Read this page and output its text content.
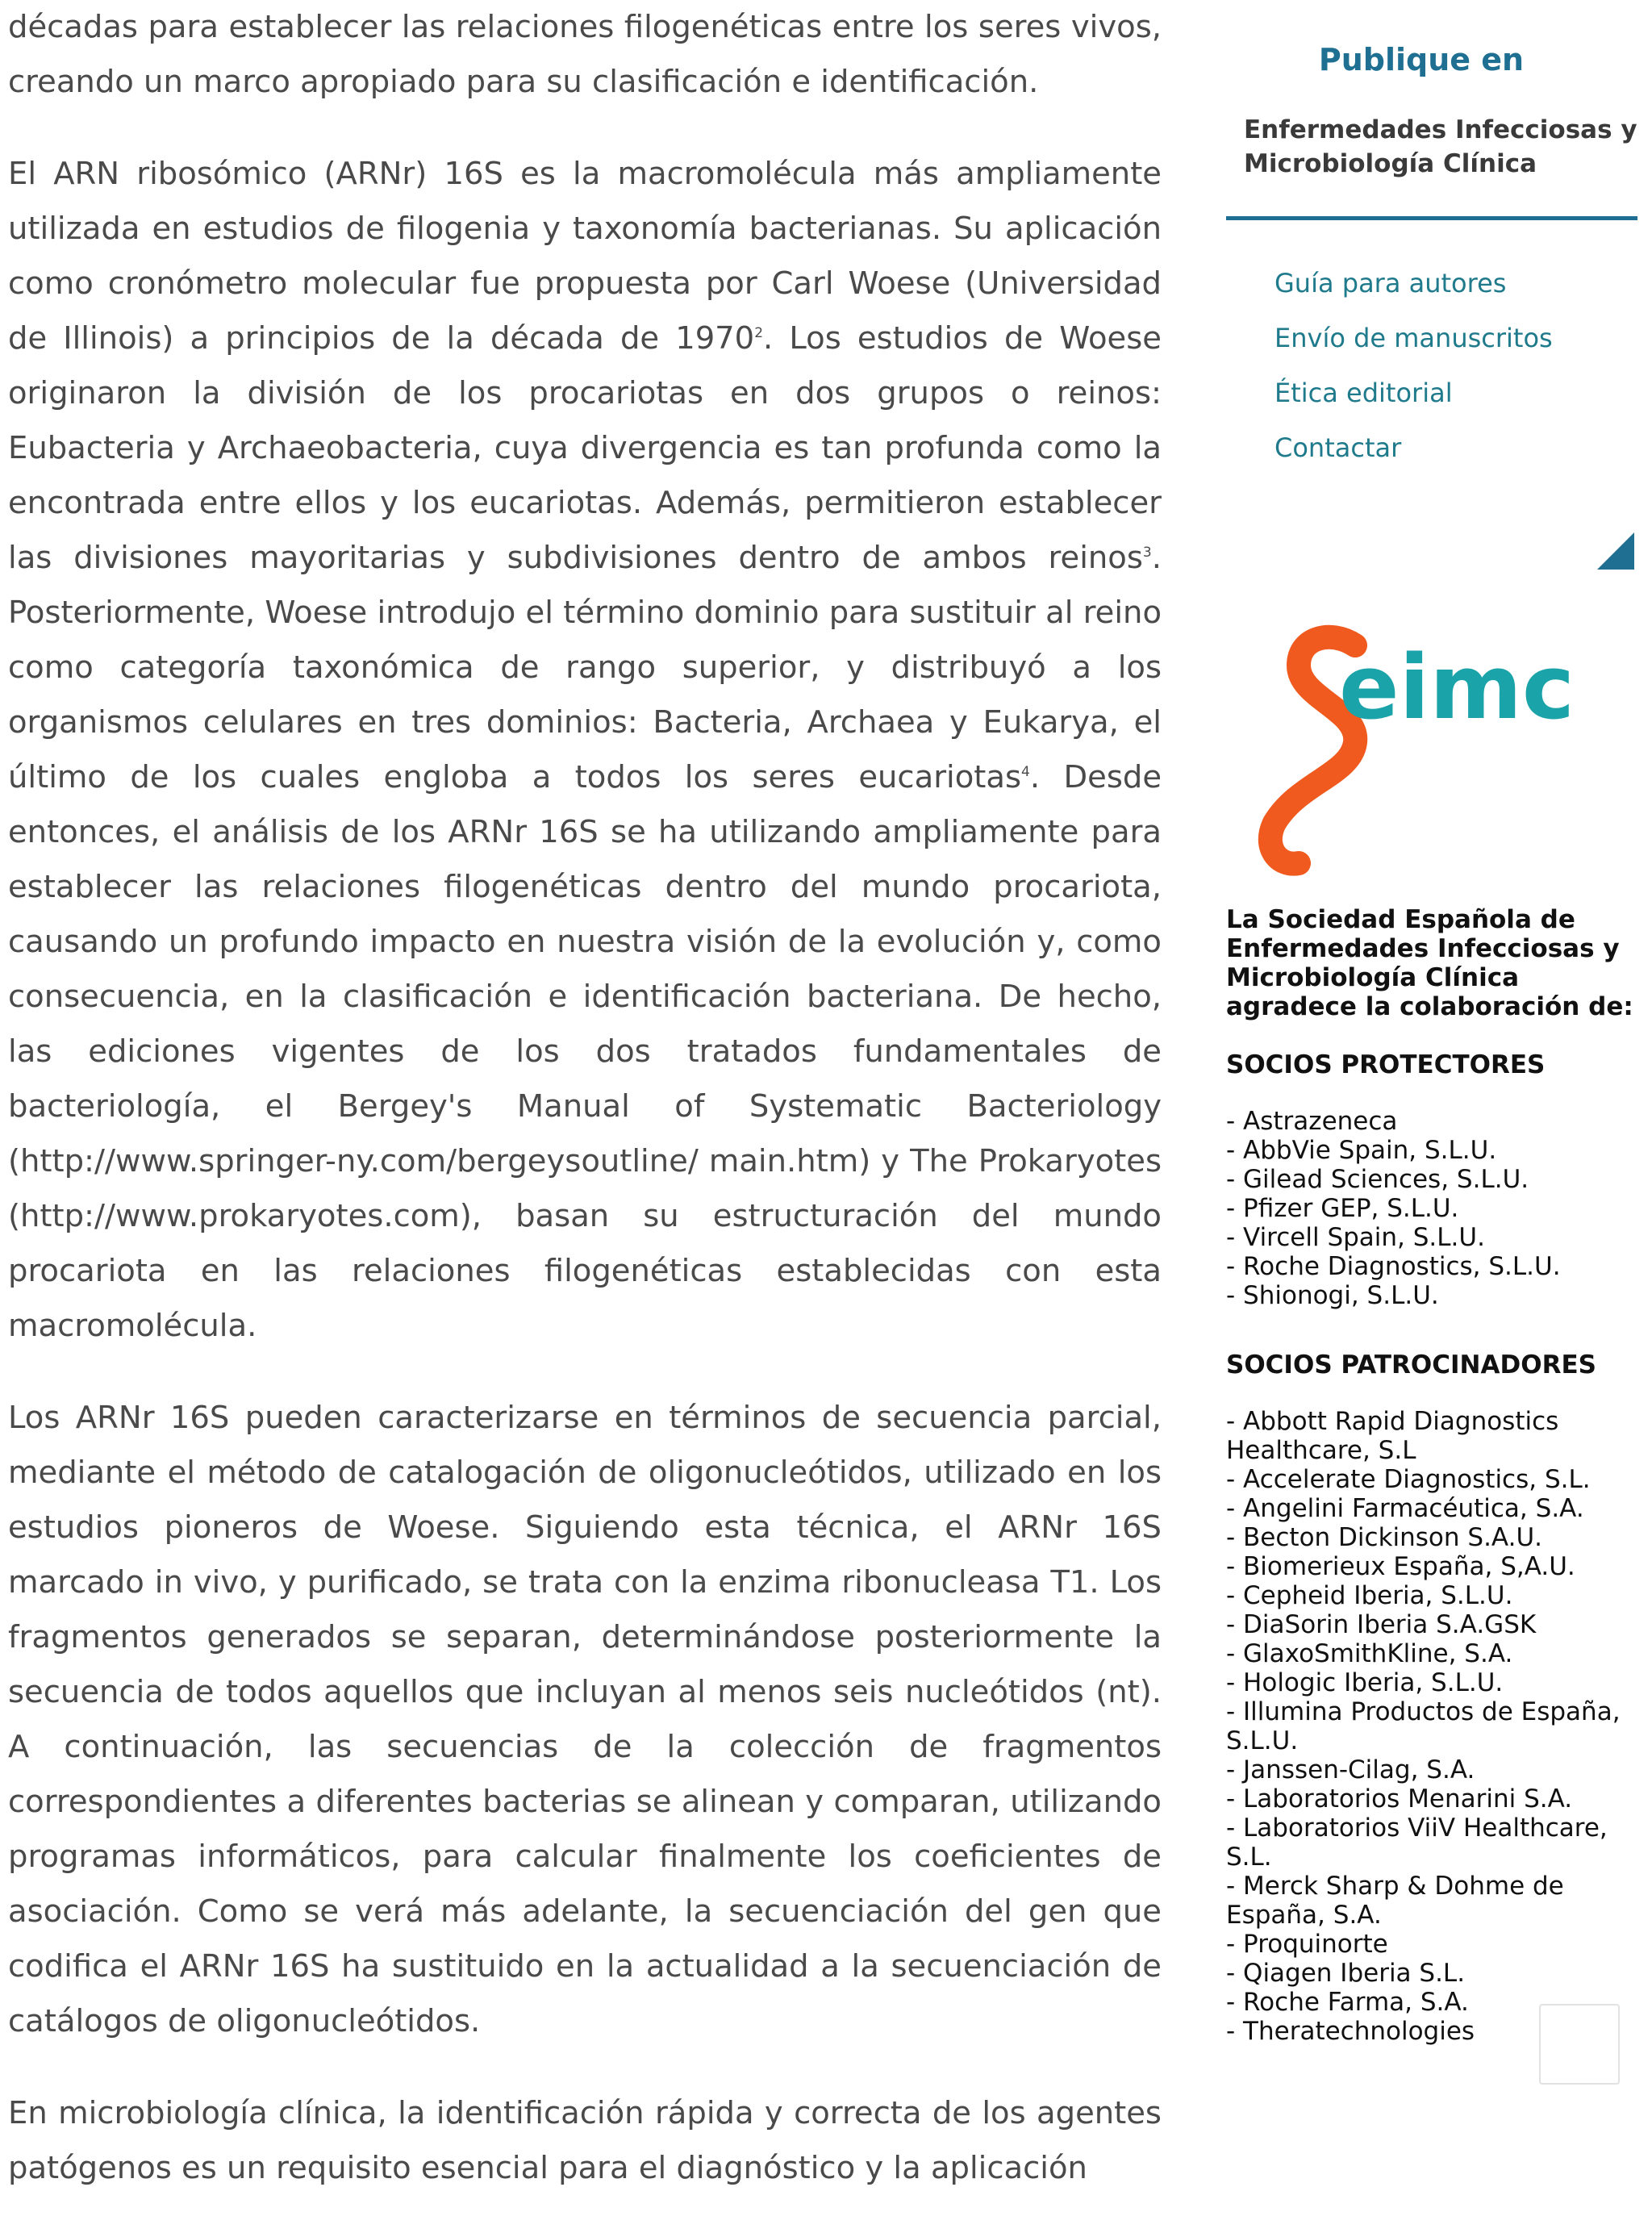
décadas para establecer las relaciones filogenéticas entre los seres vivos, creando un marco apropiado para su clasificación e identificación.

El ARN ribosómico (ARNr) 16S es la macromolécula más ampliamente utilizada en estudios de filogenia y taxonomía bacterianas. Su aplicación como cronómetro molecular fue propuesta por Carl Woese (Universidad de Illinois) a principios de la década de 1970$^2$. Los estudios de Woese originaron la división de los procariotas en dos grupos o reinos: Eubacteria y Archaeobacteria, cuya divergencia es tan profunda como la encontrada entre ellos y los eucariotas. Además, permitieron establecer las divisiones mayoritarias y subdivisiones dentro de ambos reinos$^3$. Posteriormente, Woese introdujo el término dominio para sustituir al reino como categoría taxonómica de rango superior, y distribuyó a los organismos celulares en tres dominios: Bacteria, Archaea y Eukarya, el último de los cuales engloba a todos los seres eucariotas$^4$. Desde entonces, el análisis de los ARNr 16S se ha utilizando ampliamente para establecer las relaciones filogenéticas dentro del mundo procariota, causando un profundo impacto en nuestra visión de la evolución y, como consecuencia, en la clasificación e identificación bacteriana. De hecho, las ediciones vigentes de los dos tratados fundamentales de bacteriología, el Bergey's Manual of Systematic Bacteriology (http://www.springer-ny.com/bergeysoutline/ main.htm) y The Prokaryotes (http://www.prokaryotes.com), basan su estructuración del mundo procariota en las relaciones filogenéticas establecidas con esta macromolécula.

Los ARNr 16S pueden caracterizarse en términos de secuencia parcial, mediante el método de catalogación de oligonucleótidos, utilizado en los estudios pioneros de Woese. Siguiendo esta técnica, el ARNr 16S marcado in vivo, y purificado, se trata con la enzima ribonucleasa T1. Los fragmentos generados se separan, determinándose posteriormente la secuencia de todos aquellos que incluyan al menos seis nucleótidos (nt). A continuación, las secuencias de la colección de fragmentos correspondientes a diferentes bacterias se alinean y comparan, utilizando programas informáticos, para calcular finalmente los coeficientes de asociación. Como se verá más adelante, la secuenciación del gen que codifica el ARNr 16S ha sustituido en la actualidad a la secuenciación de catálogos de oligonucleótidos.

En microbiología clínica, la identificación rápida y correcta de los agentes patógenos es un requisito esencial para el diagnóstico y la aplicación

Publique en
Enfermedades Infecciosas y
Microbiología Clínica
Guía para autores
Envío de manuscritos
Ética editorial
Contactar
eimc
La Sociedad Española de Enfermedades Infecciosas y Microbiología Clínica agradece la colaboración de:
SOCIOS PROTECTORES
- Astrazeneca
- AbbVie Spain, S.L.U.
- Gilead Sciences, S.L.U.
- Pfizer GEP, S.L.U.
- Vircell Spain, S.L.U.
- Roche Diagnostics, S.L.U.
- Shionogi, S.L.U.
SOCIOS PATROCINADORES
- Abbott Rapid Diagnostics Healthcare, S.L
- Accelerate Diagnostics, S.L.
- Angelini Farmacéutica, S.A.
- Becton Dickinson S.A.U.
- Biomerieux España, S,A.U.
- Cepheid Iberia, S.L.U.
- DiaSorin Iberia S.A.GSK
- GlaxoSmithKline, S.A.
- Hologic Iberia, S.L.U.
- Illumina Productos de España, S.L.U.
- Janssen-Cilag, S.A.
- Laboratorios Menarini S.A.
- Laboratorios ViiV Healthcare, S.L.
- Merck Sharp & Dohme de España, S.A.
- Proquinorte
- Qiagen Iberia S.L.
- Roche Farma, S.A.
- Theratechnologies
